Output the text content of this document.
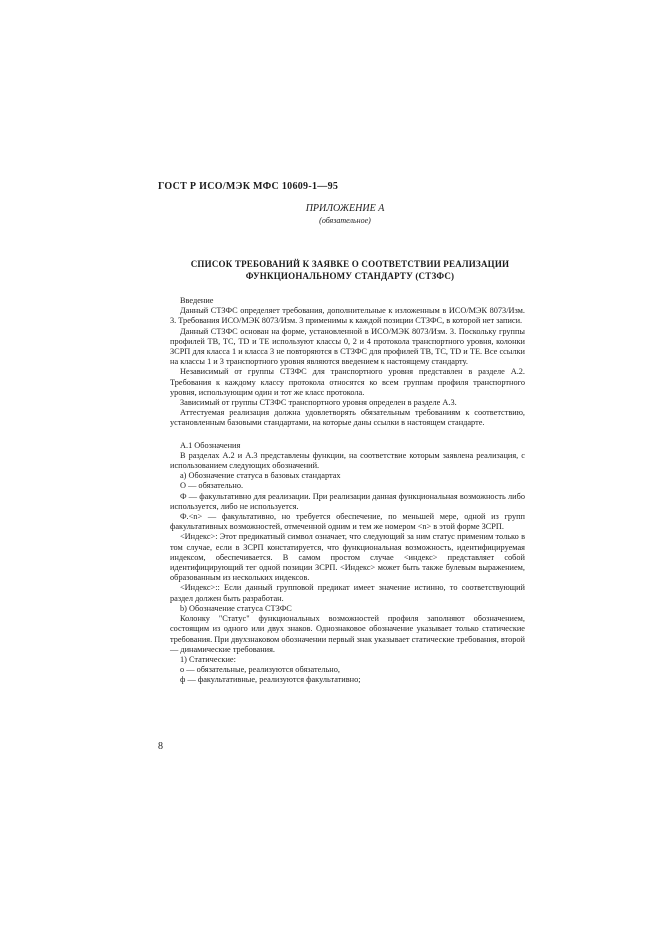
ГОСТ Р ИСО/МЭК МФС 10609-1—95
ПРИЛОЖЕНИЕ А
(обязательное)
СПИСОК ТРЕБОВАНИЙ К ЗАЯВКЕ О СООТВЕТСТВИИ РЕАЛИЗАЦИИ
ФУНКЦИОНАЛЬНОМУ СТАНДАРТУ (СТЗФС)

Введение

Данный СТЗФС определяет требования, дополнительные к изложенным в ИСО/МЭК 8073/Изм. 3. Требования ИСО/МЭК 8073/Изм. 3 применимы к каждой позиции СТЗФС, в которой нет записи.

Данный СТЗФС основан на форме, установленной в ИСО/МЭК 8073/Изм. 3. Поскольку группы профилей ТВ, ТС, TD и ТЕ используют классы 0, 2 и 4 протокола транспортного уровня, колонки ЗСРП для класса 1 и класса 3 не повторяются в СТЗФС для профилей ТВ, ТС, TD и ТЕ. Все ссылки на классы 1 и 3 транспортного уровня являются введением к настоящему стандарту.

Независимый от группы СТЗФС для транспортного уровня представлен в разделе А.2. Требования к каждому классу протокола относятся ко всем группам профиля транспортного уровня, использующим один и тот же класс протокола.

Зависимый от группы СТЗФС транспортного уровня определен в разделе А.3.

Аттестуемая реализация должна удовлетворять обязательным требованиям к соответствию, установленным базовыми стандартами, на которые даны ссылки в настоящем стандарте.

А.1 Обозначения

В разделах А.2 и А.3 представлены функции, на соответствие которым заявлена реализация, с использованием следующих обозначений.

а) Обозначение статуса в базовых стандартах

О — обязательно.

Ф — факультативно для реализации. При реализации данная функциональная возможность либо используется, либо не используется.

Ф.<n> — факультативно, но требуется обеспечение, по меньшей мере, одной из групп факультативных возможностей, отмеченной одним и тем же номером <n> в этой форме ЗСРП.

<Индекс>: Этот предикатный символ означает, что следующий за ним статус применим только в том случае, если в ЗСРП констатируется, что функциональная возможность, идентифицируемая индексом, обеспечивается. В самом простом случае <индекс> представляет собой идентифицирующий тег одной позиции ЗСРП. <Индекс> может быть также булевым выражением, образованным из нескольких индексов.

<Индекс>:: Если данный групповой предикат имеет значение истинно, то соответствующий раздел должен быть разработан.

b) Обозначение статуса СТЗФС

Колонку "Статус" функциональных возможностей профиля заполняют обозначением, состоящим из одного или двух знаков. Однознаковое обозначение указывает только статические требования. При двухзнаковом обозначении первый знак указывает статические требования, второй — динамические требования.

1) Статические:

о — обязательные, реализуются обязательно,

ф — факультативные, реализуются факультативно;

8
